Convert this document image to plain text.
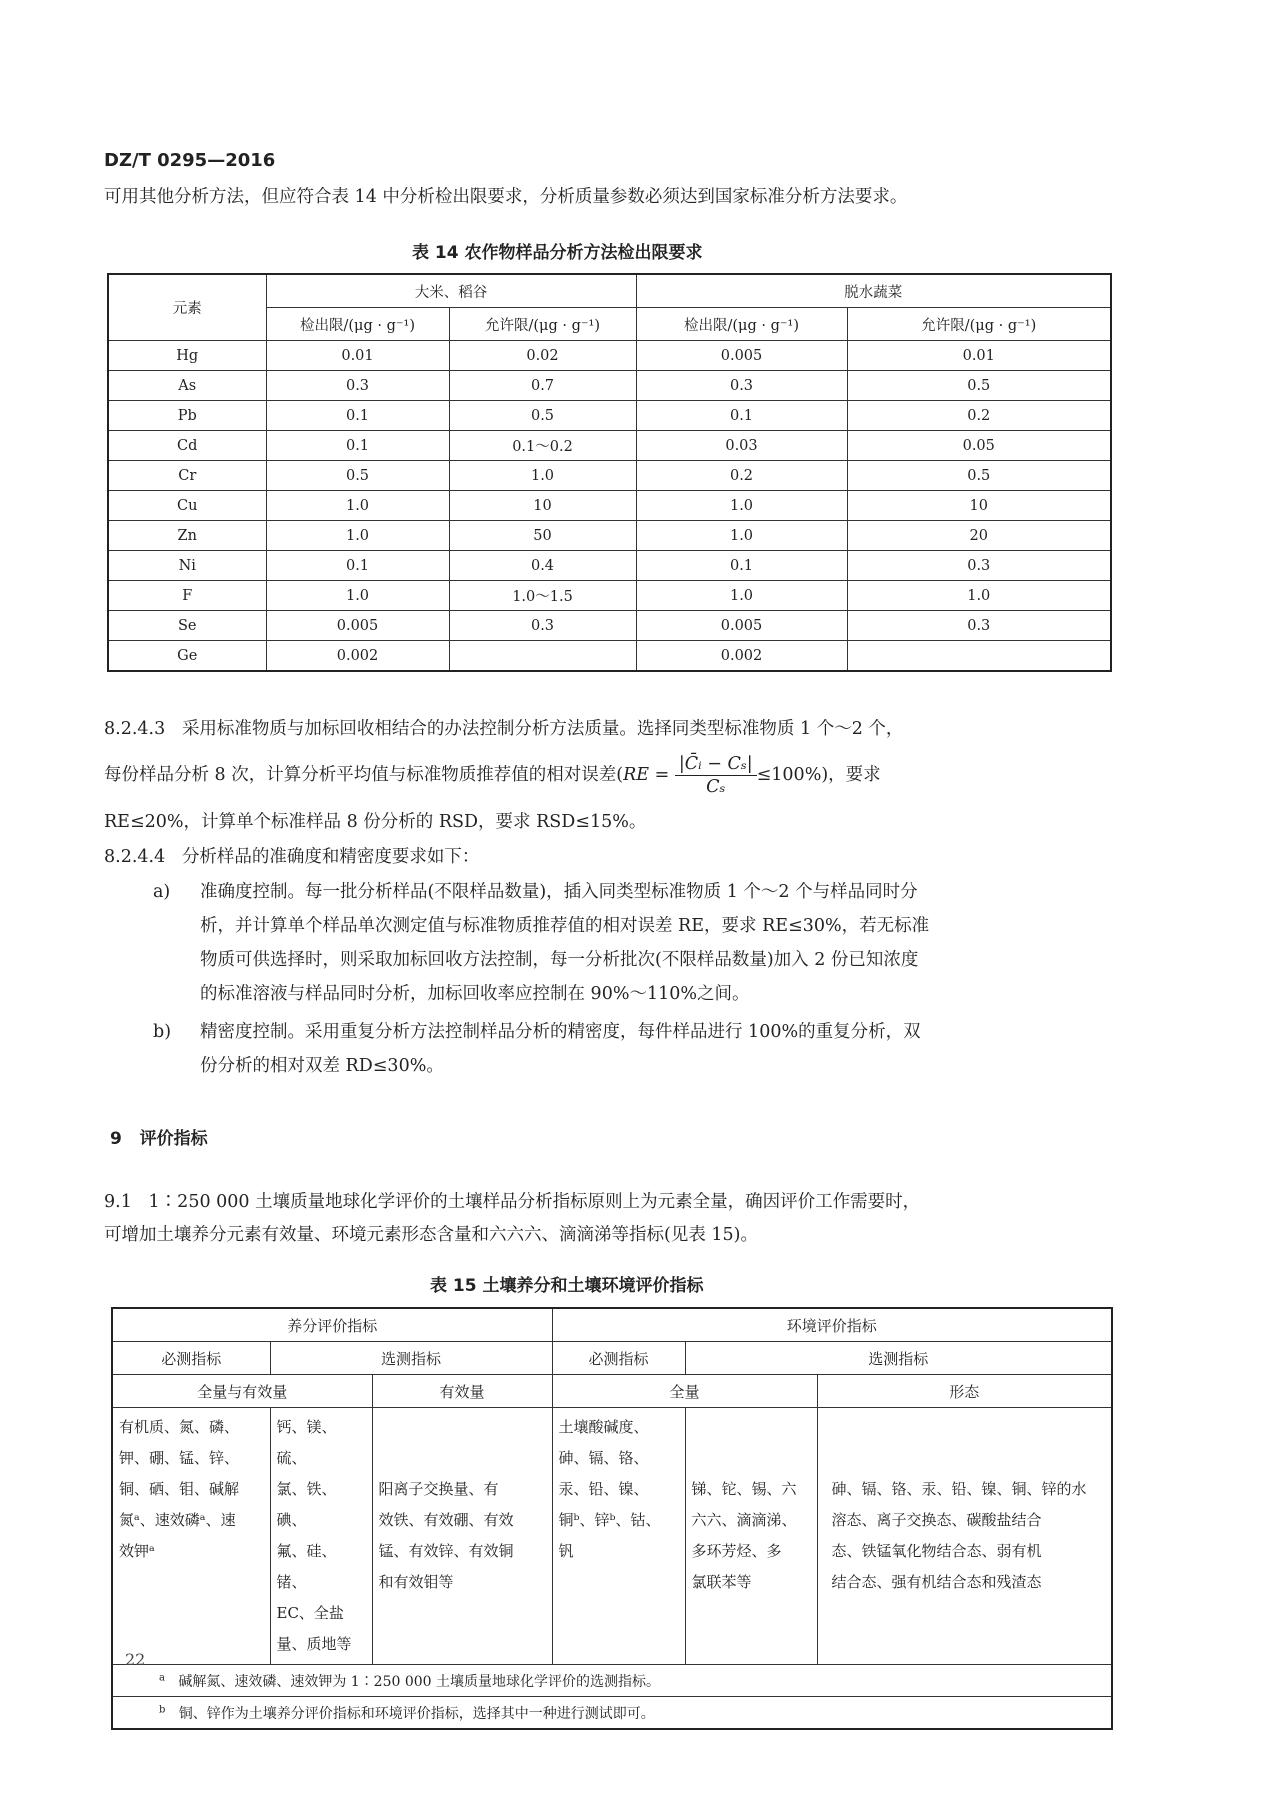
DZ/T 0295—2016
可用其他分析方法，但应符合表 14 中分析检出限要求，分析质量参数必须达到国家标准分析方法要求。
表 14 农作物样品分析方法检出限要求
元素	大米、稻谷		脱水蔬菜	
	检出限/(μg · g⁻¹)	允许限/(μg · g⁻¹)	检出限/(μg · g⁻¹)	允许限/(μg · g⁻¹)
Hg	0.01	0.02	0.005	0.01
As	0.3	0.7	0.3	0.5
Pb	0.1	0.5	0.1	0.2
Cd	0.1	0.1～0.2	0.03	0.05
Cr	0.5	1.0	0.2	0.5
Cu	1.0	10	1.0	10
Zn	1.0	50	1.0	20
Ni	0.1	0.4	0.1	0.3
F	1.0	1.0～1.5	1.0	1.0
Se	0.005	0.3	0.005	0.3
Ge	0.002		0.002	
8.2.4.3 采用标准物质与加标回收相结合的办法控制分析方法质量。选择同类型标准物质 1 个～2 个，
每份样品分析 8 次，计算分析平均值与标准物质推荐值的相对误差$(RE = \frac{\text{|C̄ᵢ − Cₛ|}}{\text{Cₛ}} \le 100\%)$，要求
RE≤20%，计算单个标准样品 8 份分析的 RSD，要求 RSD≤15%。
8.2.4.4 分析样品的准确度和精密度要求如下：
a) 准确度控制。每一批分析样品(不限样品数量)，插入同类型标准物质 1 个～2 个与样品同时分
析，并计算单个样品单次测定值与标准物质推荐值的相对误差 RE，要求 RE≤30%，若无标准
物质可供选择时，则采取加标回收方法控制，每一分析批次(不限样品数量)加入 2 份已知浓度
的标准溶液与样品同时分析，加标回收率应控制在 90%～110%之间。
b) 精密度控制。采用重复分析方法控制样品分析的精密度，每件样品进行 100%的重复分析，双
份分析的相对双差 RD≤30%。
9 评价指标
9.1 1∶250 000 土壤质量地球化学评价的土壤样品分析指标原则上为元素全量，确因评价工作需要时，
可增加土壤养分元素有效量、环境元素形态含量和六六六、滴滴涕等指标(见表 15)。
表 15 土壤养分和土壤环境评价指标
养分评价指标			环境评价指标		
必测指标	选测指标		必测指标	选测指标	
全量与有效量		有效量	全量		形态
有机质、氮、磷、
钾、硼、锰、锌、
铜、硒、钼、碱解
氮ᵃ、速效磷ᵃ、速
效钾ᵃ	钙、镁、硫、
氯、铁、碘、
氟、硅、锗、
EC、全盐
量、质地等	阳离子交换量、有
效铁、有效硼、有效
锰、有效锌、有效铜
和有效钼等	土壤酸碱度、
砷、镉、铬、
汞、铅、镍、
铜ᵇ、锌ᵇ、钴、
钒	锑、铊、锡、六
六六、滴滴涕、
多环芳烃、多
氯联苯等	砷、镉、铬、汞、铅、镍、铜、锌的水
溶态、离子交换态、碳酸盐结合
态、铁锰氧化物结合态、弱有机
结合态、强有机结合态和残渣态
$^a$ 碱解氮、速效磷、速效钾为 1∶250 000 土壤质量地球化学评价的选测指标。					
$^b$ 铜、锌作为土壤养分评价指标和环境评价指标，选择其中一种进行测试即可。					
22
